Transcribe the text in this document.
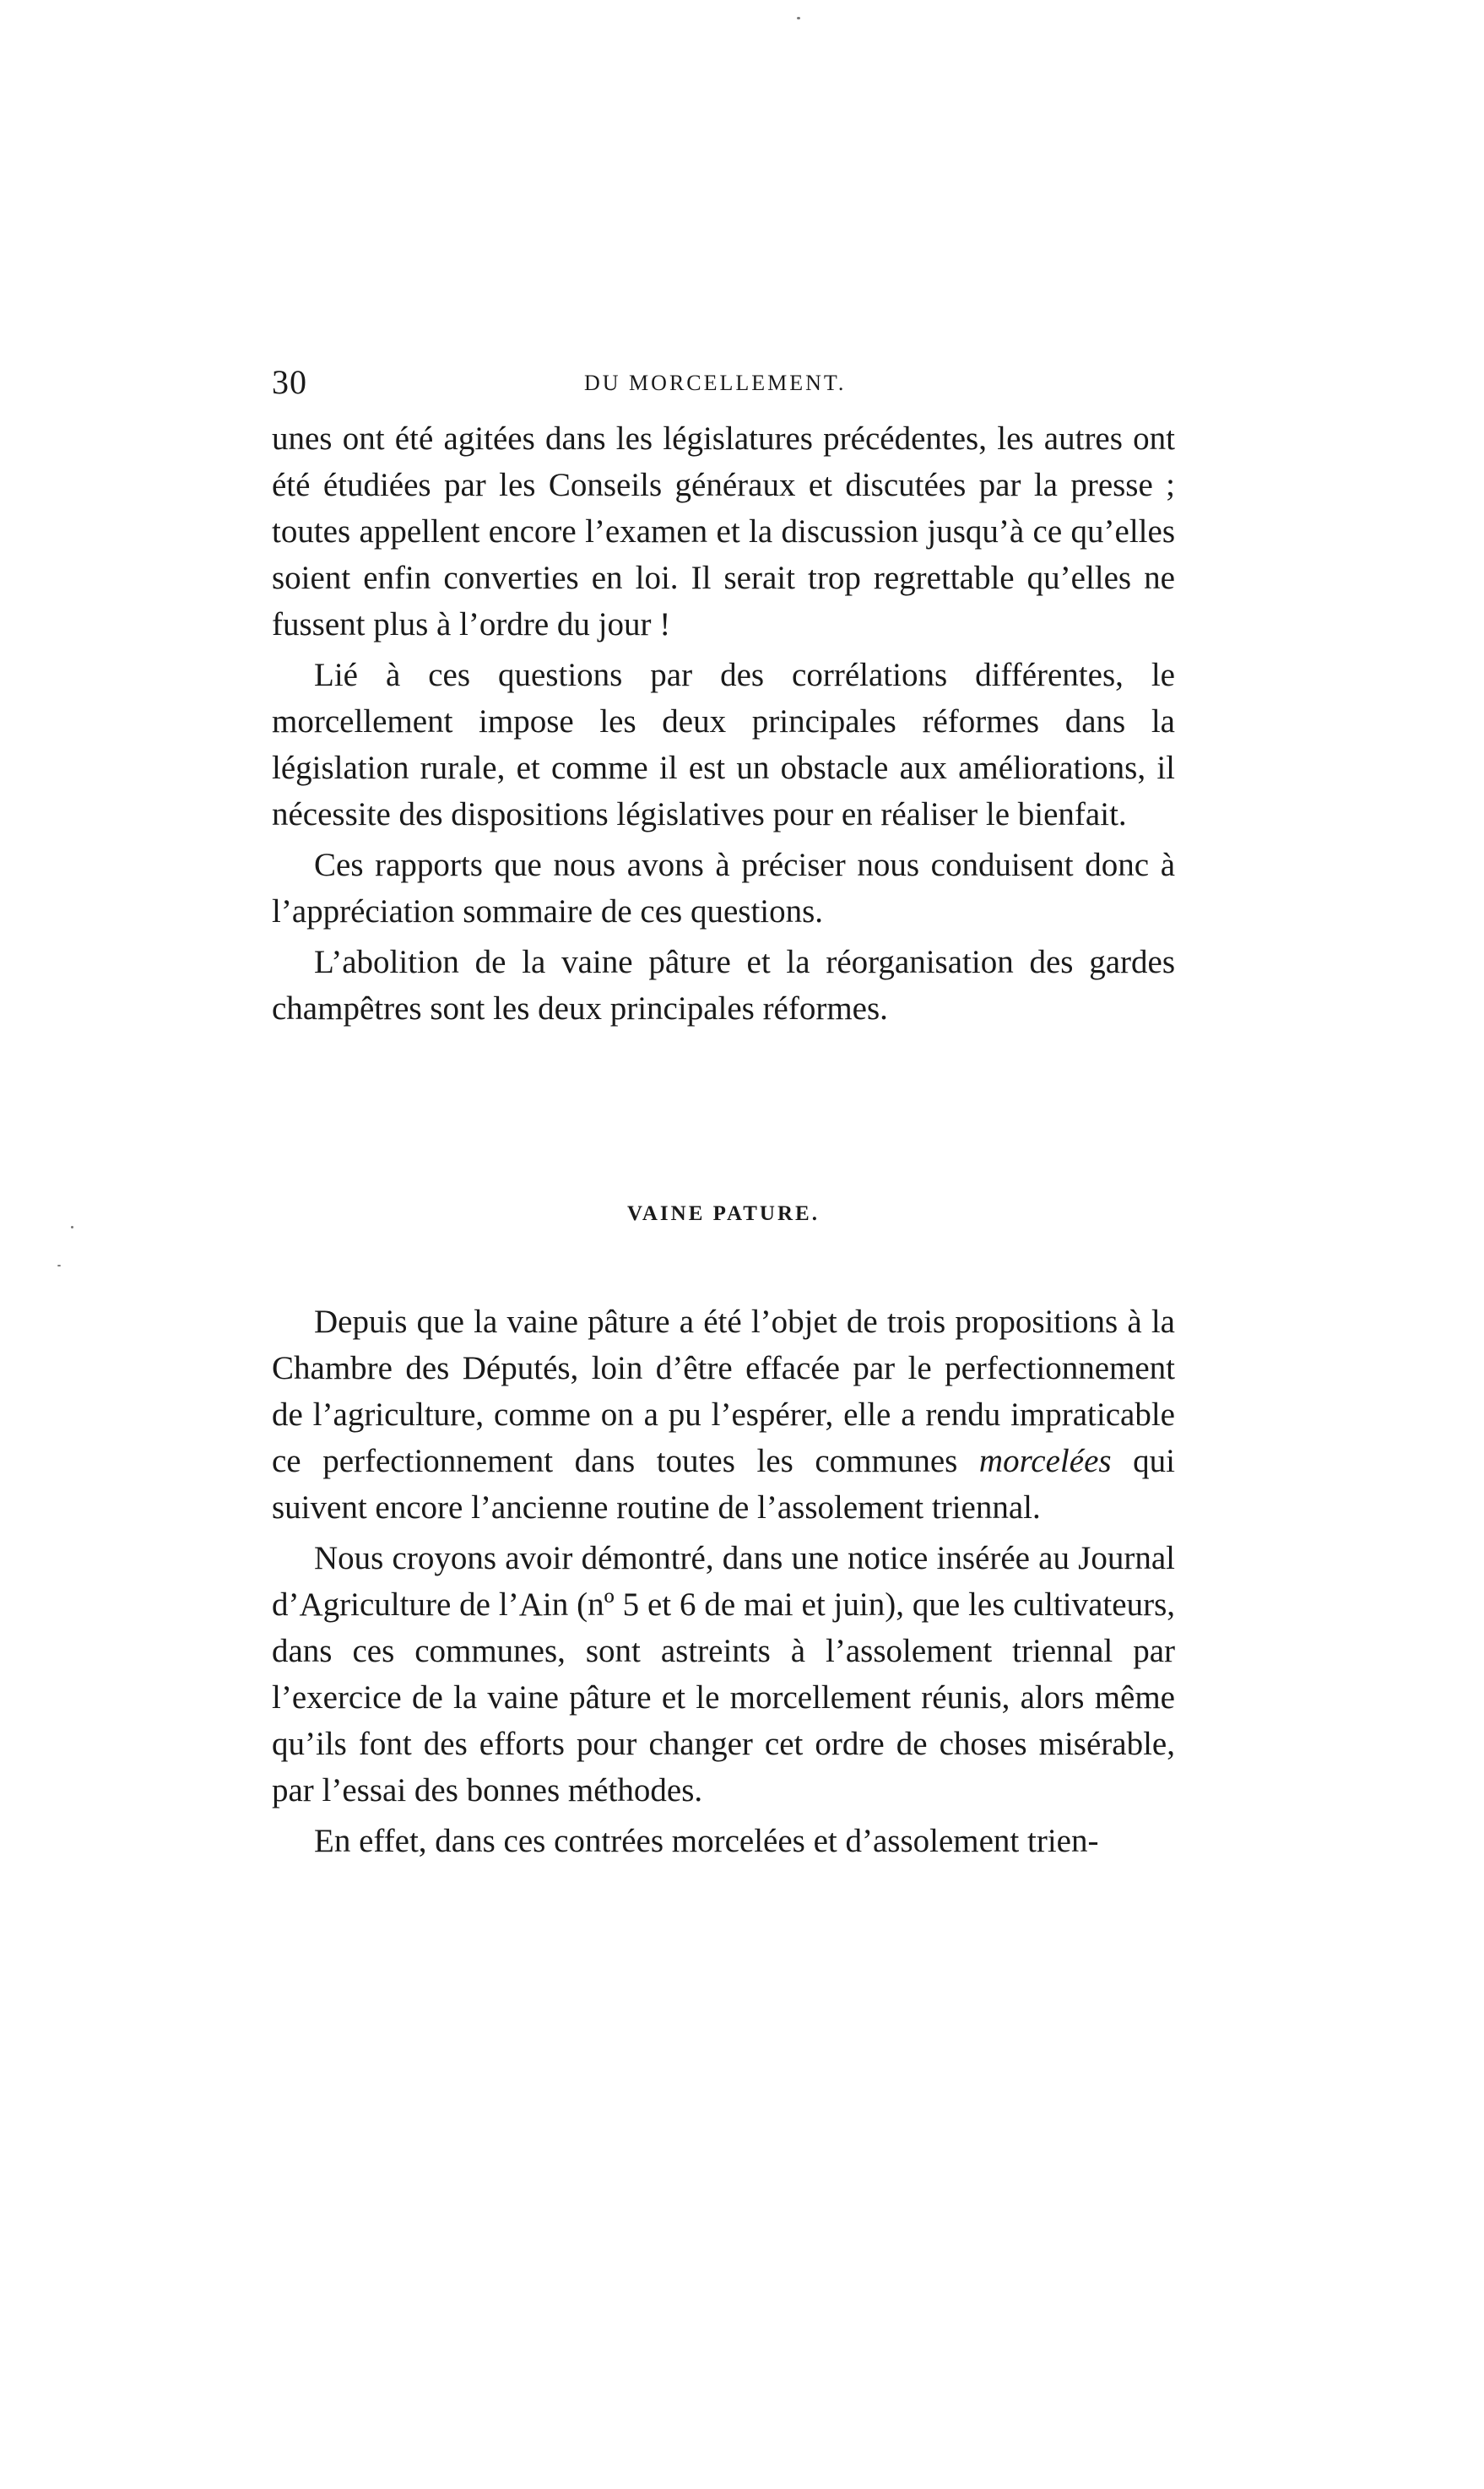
30	DU MORCELLEMENT.

unes ont été agitées dans les législatures précédentes, les autres ont été étudiées par les Conseils généraux et discutées par la presse ; toutes appellent encore l’examen et la discussion jusqu’à ce qu’elles soient enfin converties en loi. Il serait trop regrettable qu’elles ne fussent plus à l’ordre du jour !

Lié à ces questions par des corrélations différentes, le morcellement impose les deux principales réformes dans la législation rurale, et comme il est un obstacle aux améliorations, il nécessite des dispositions législatives pour en réaliser le bienfait.

Ces rapports que nous avons à préciser nous conduisent donc à l’appréciation sommaire de ces questions.

L’abolition de la vaine pâture et la réorganisation des gardes champêtres sont les deux principales réformes.

VAINE PATURE.

Depuis que la vaine pâture a été l’objet de trois propositions à la Chambre des Députés, loin d’être effacée par le perfectionnement de l’agriculture, comme on a pu l’espérer, elle a rendu impraticable ce perfectionnement dans toutes les communes morcelées qui suivent encore l’ancienne routine de l’assolement triennal.

Nous croyons avoir démontré, dans une notice insérée au Journal d’Agriculture de l’Ain (nº 5 et 6 de mai et juin), que les cultivateurs, dans ces communes, sont astreints à l’assolement triennal par l’exercice de la vaine pâture et le morcellement réunis, alors même qu’ils font des efforts pour changer cet ordre de choses misérable, par l’essai des bonnes méthodes.

En effet, dans ces contrées morcelées et d’assolement trien-
